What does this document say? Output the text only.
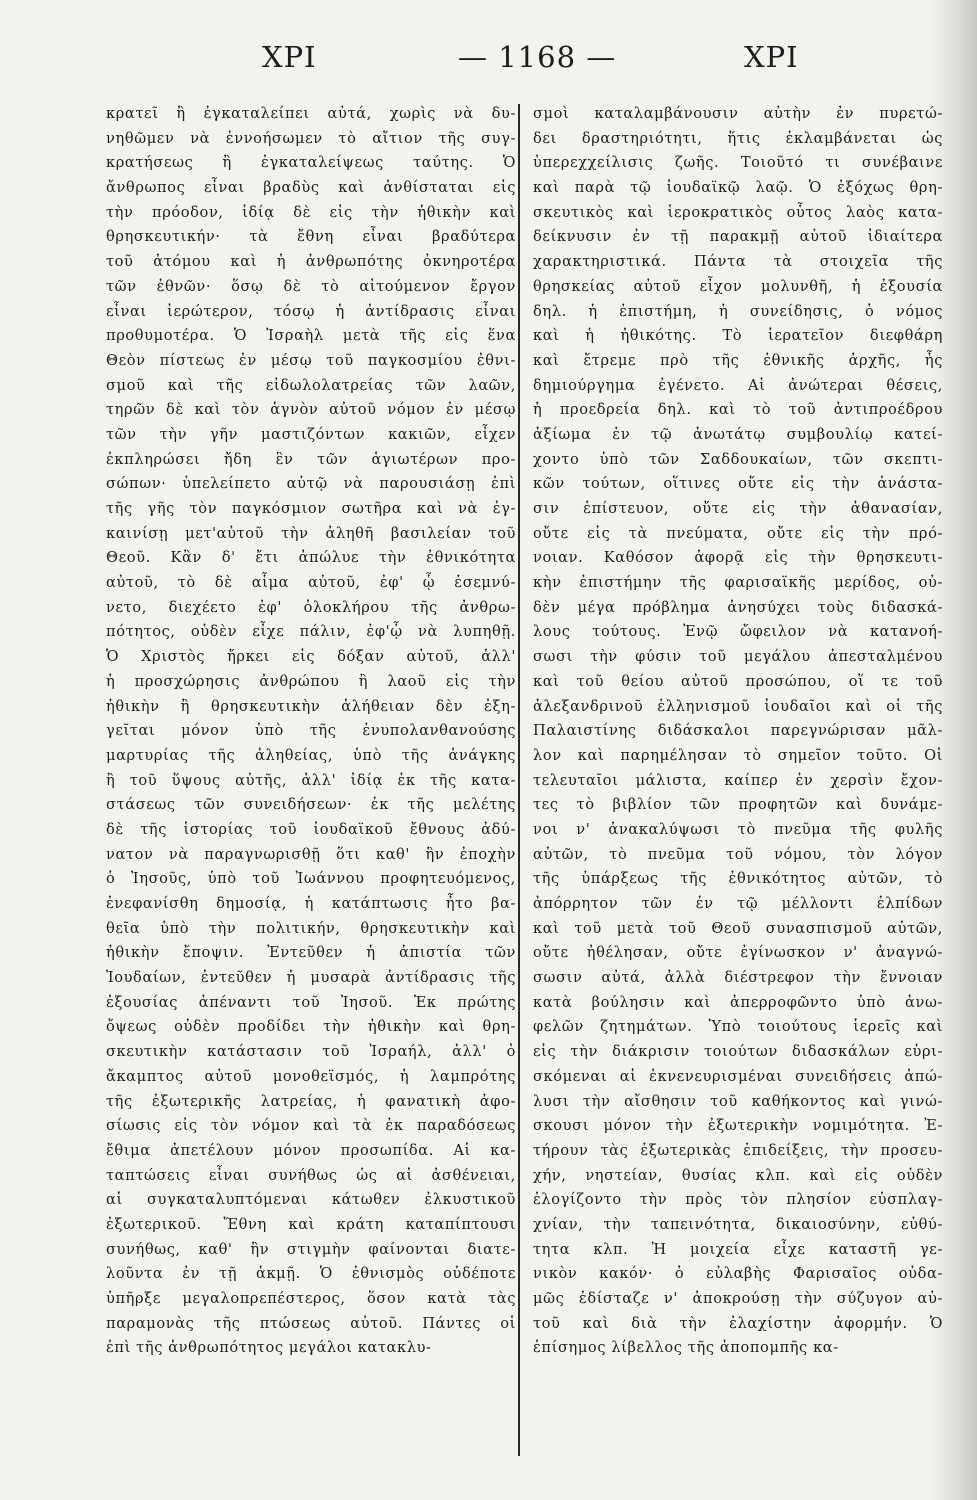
ΧΡΙ	— 1168 —	ΧΡΙ
κρατεῖ ἢ ἐγκαταλείπει αὐτά, χωρὶς νὰ δυ-
νηθῶμεν νὰ ἐννοήσωμεν τὸ αἴτιον τῆς συγ-
κρατήσεως ἢ ἐγκαταλείψεως ταύτης. Ὁ
ἄνθρωπος εἶναι βραδὺς καὶ ἀνθίσταται εἰς
τὴν πρόοδον, ἰδίᾳ δὲ εἰς τὴν ἠθικὴν καὶ
θρησκευτικήν· τὰ ἔθνη εἶναι βραδύτερα
τοῦ ἀτόμου καὶ ἡ ἀνθρωπότης ὀκνηροτέρα
τῶν ἐθνῶν· ὅσῳ δὲ τὸ αἰτούμενον ἔργον
εἶναι ἱερώτερον, τόσῳ ἡ ἀντίδρασις εἶναι
προθυμοτέρα. Ὁ Ἰσραὴλ μετὰ τῆς εἰς ἕνα
Θεὸν πίστεως ἐν μέσῳ τοῦ παγκοσμίου ἐθνι-
σμοῦ καὶ τῆς εἰδωλολατρείας τῶν λαῶν,
τηρῶν δὲ καὶ τὸν ἁγνὸν αὐτοῦ νόμον ἐν μέσῳ
τῶν τὴν γῆν μαστιζόντων κακιῶν, εἶχεν
ἐκπληρώσει ἤδη ἓν τῶν ἁγιωτέρων προ-
σώπων· ὑπελείπετο αὐτῷ νὰ παρουσιάσῃ ἐπὶ
τῆς γῆς τὸν παγκόσμιον σωτῆρα καὶ νὰ ἐγ-
καινίσῃ μετ'αὐτοῦ τὴν ἀληθῆ βασιλείαν τοῦ
Θεοῦ. Κἂν δ' ἔτι ἀπώλυε τὴν ἐθνικότητα
αὐτοῦ, τὸ δὲ αἷμα αὐτοῦ, ἐφ' ᾧ ἐσεμνύ-
νετο, διεχέετο ἐφ' ὁλοκλήρου τῆς ἀνθρω-
πότητος, οὐδὲν εἶχε πάλιν, ἐφ'ᾧ νὰ λυπηθῇ.
Ὁ Χριστὸς ἤρκει εἰς δόξαν αὐτοῦ, ἀλλ'
ἡ προσχώρησις ἀνθρώπου ἢ λαοῦ εἰς τὴν
ἠθικὴν ἢ θρησκευτικὴν ἀλήθειαν δὲν ἐξη-
γεῖται μόνον ὑπὸ τῆς ἐνυπολανθανούσης
μαρτυρίας τῆς ἀληθείας, ὑπὸ τῆς ἀνάγκης
ἢ τοῦ ὕψους αὐτῆς, ἀλλ' ἰδίᾳ ἐκ τῆς κατα-
στάσεως τῶν συνειδήσεων· ἐκ τῆς μελέτης
δὲ τῆς ἱστορίας τοῦ ἰουδαϊκοῦ ἔθνους ἀδύ-
νατον νὰ παραγνωρισθῇ ὅτι καθ' ἣν ἐποχὴν
ὁ Ἰησοῦς, ὑπὸ τοῦ Ἰωάννου προφητευόμενος,
ἐνεφανίσθη δημοσίᾳ, ἡ κατάπτωσις ἦτο βα-
θεῖα ὑπὸ τὴν πολιτικήν, θρησκευτικὴν καὶ
ἠθικὴν ἔποψιν. Ἐντεῦθεν ἡ ἀπιστία τῶν
Ἰουδαίων, ἐντεῦθεν ἡ μυσαρὰ ἀντίδρασις τῆς
ἐξουσίας ἀπέναντι τοῦ Ἰησοῦ. Ἐκ πρώτης
ὄψεως οὐδὲν προδίδει τὴν ἠθικὴν καὶ θρη-
σκευτικὴν κατάστασιν τοῦ Ἰσραήλ, ἀλλ' ὁ
ἄκαμπτος αὐτοῦ μονοθεϊσμός, ἡ λαμπρότης
τῆς ἐξωτερικῆς λατρείας, ἡ φανατικὴ ἀφο-
σίωσις εἰς τὸν νόμον καὶ τὰ ἐκ παραδόσεως
ἔθιμα ἀπετέλουν μόνον προσωπίδα. Αἱ κα-
ταπτώσεις εἶναι συνήθως ὡς αἱ ἀσθένειαι,
αἱ συγκαταλυπτόμεναι κάτωθεν ἐλκυστικοῦ
ἐξωτερικοῦ. Ἔθνη καὶ κράτη καταπίπτουσι
συνήθως, καθ' ἣν στιγμὴν φαίνονται διατε-
λοῦντα ἐν τῇ ἀκμῇ. Ὁ ἐθνισμὸς οὐδέποτε
ὑπῆρξε μεγαλοπρεπέστερος, ὅσον κατὰ τὰς
παραμονὰς τῆς πτώσεως αὐτοῦ. Πάντες οἱ
ἐπὶ τῆς ἀνθρωπότητος μεγάλοι κατακλυ-
σμοὶ καταλαμβάνουσιν αὐτὴν ἐν πυρετώ-
δει δραστηριότητι, ἥτις ἐκλαμβάνεται ὡς
ὑπερεχχείλισις ζωῆς. Τοιοῦτό τι συνέβαινε
καὶ παρὰ τῷ ἰουδαϊκῷ λαῷ. Ὁ ἐξόχως θρη-
σκευτικὸς καὶ ἱεροκρατικὸς οὗτος λαὸς κατα-
δείκνυσιν ἐν τῇ παρακμῇ αὐτοῦ ἰδιαίτερα
χαρακτηριστικά. Πάντα τὰ στοιχεῖα τῆς
θρησκείας αὐτοῦ εἶχον μολυνθῆ, ἡ ἐξουσία
δηλ. ἡ ἐπιστήμη, ἡ συνείδησις, ὁ νόμος
καὶ ἡ ἠθικότης. Τὸ ἱερατεῖον διεφθάρη
καὶ ἔτρεμε πρὸ τῆς ἐθνικῆς ἀρχῆς, ἧς
δημιούργημα ἐγένετο. Αἱ ἀνώτεραι θέσεις,
ἡ προεδρεία δηλ. καὶ τὸ τοῦ ἀντιπροέδρου
ἀξίωμα ἐν τῷ ἀνωτάτῳ συμβουλίῳ κατεί-
χοντο ὑπὸ τῶν Σαδδουκαίων, τῶν σκεπτι-
κῶν τούτων, οἵτινες οὔτε εἰς τὴν ἀνάστα-
σιν ἐπίστευον, οὔτε εἰς τὴν ἀθανασίαν,
οὔτε εἰς τὰ πνεύματα, οὔτε εἰς τὴν πρό-
νοιαν. Καθόσον ἀφορᾷ εἰς τὴν θρησκευτι-
κὴν ἐπιστήμην τῆς φαρισαϊκῆς μερίδος, οὐ-
δὲν μέγα πρόβλημα ἀνησύχει τοὺς διδασκά-
λους τούτους. Ἐνῷ ὤφειλον νὰ κατανοή-
σωσι τὴν φύσιν τοῦ μεγάλου ἀπεσταλμένου
καὶ τοῦ θείου αὐτοῦ προσώπου, οἵ τε τοῦ
ἀλεξανδρινοῦ ἑλληνισμοῦ ἰουδαῖοι καὶ οἱ τῆς
Παλαιστίνης διδάσκαλοι παρεγνώρισαν μᾶλ-
λον καὶ παρημέλησαν τὸ σημεῖον τοῦτο. Οἱ
τελευταῖοι μάλιστα, καίπερ ἐν χερσὶν ἔχον-
τες τὸ βιβλίον τῶν προφητῶν καὶ δυνάμε-
νοι ν' ἀνακαλύψωσι τὸ πνεῦμα τῆς φυλῆς
αὐτῶν, τὸ πνεῦμα τοῦ νόμου, τὸν λόγον
τῆς ὑπάρξεως τῆς ἐθνικότητος αὐτῶν, τὸ
ἀπόρρητον τῶν ἐν τῷ μέλλοντι ἐλπίδων
καὶ τοῦ μετὰ τοῦ Θεοῦ συνασπισμοῦ αὐτῶν,
οὔτε ἠθέλησαν, οὔτε ἐγίνωσκον ν' ἀναγνώ-
σωσιν αὐτά, ἀλλὰ διέστρεφον τὴν ἔννοιαν
κατὰ βούλησιν καὶ ἀπερροφῶντο ὑπὸ ἀνω-
φελῶν ζητημάτων. Ὑπὸ τοιούτους ἱερεῖς καὶ
εἰς τὴν διάκρισιν τοιούτων διδασκάλων εὑρι-
σκόμεναι αἱ ἐκνενευρισμέναι συνειδήσεις ἀπώ-
λυσι τὴν αἴσθησιν τοῦ καθήκοντος καὶ γινώ-
σκουσι μόνον τὴν ἐξωτερικὴν νομιμότητα. Ἐ-
τήρουν τὰς ἐξωτερικὰς ἐπιδείξεις, τὴν προσευ-
χήν, νηστείαν, θυσίας κλπ. καὶ εἰς οὐδὲν
ἐλογίζοντο τὴν πρὸς τὸν πλησίον εὐσπλαγ-
χνίαν, τὴν ταπεινότητα, δικαιοσύνην, εὐθύ-
τητα κλπ. Ἡ μοιχεία εἶχε καταστῆ γε-
νικὸν κακόν· ὁ εὐλαβὴς Φαρισαῖος οὐδα-
μῶς ἐδίσταζε ν' ἀποκρούσῃ τὴν σύζυγον αὐ-
τοῦ καὶ διὰ τὴν ἐλαχίστην ἀφορμήν. Ὁ
ἐπίσημος λίβελλος τῆς ἀποπομπῆς κα-
